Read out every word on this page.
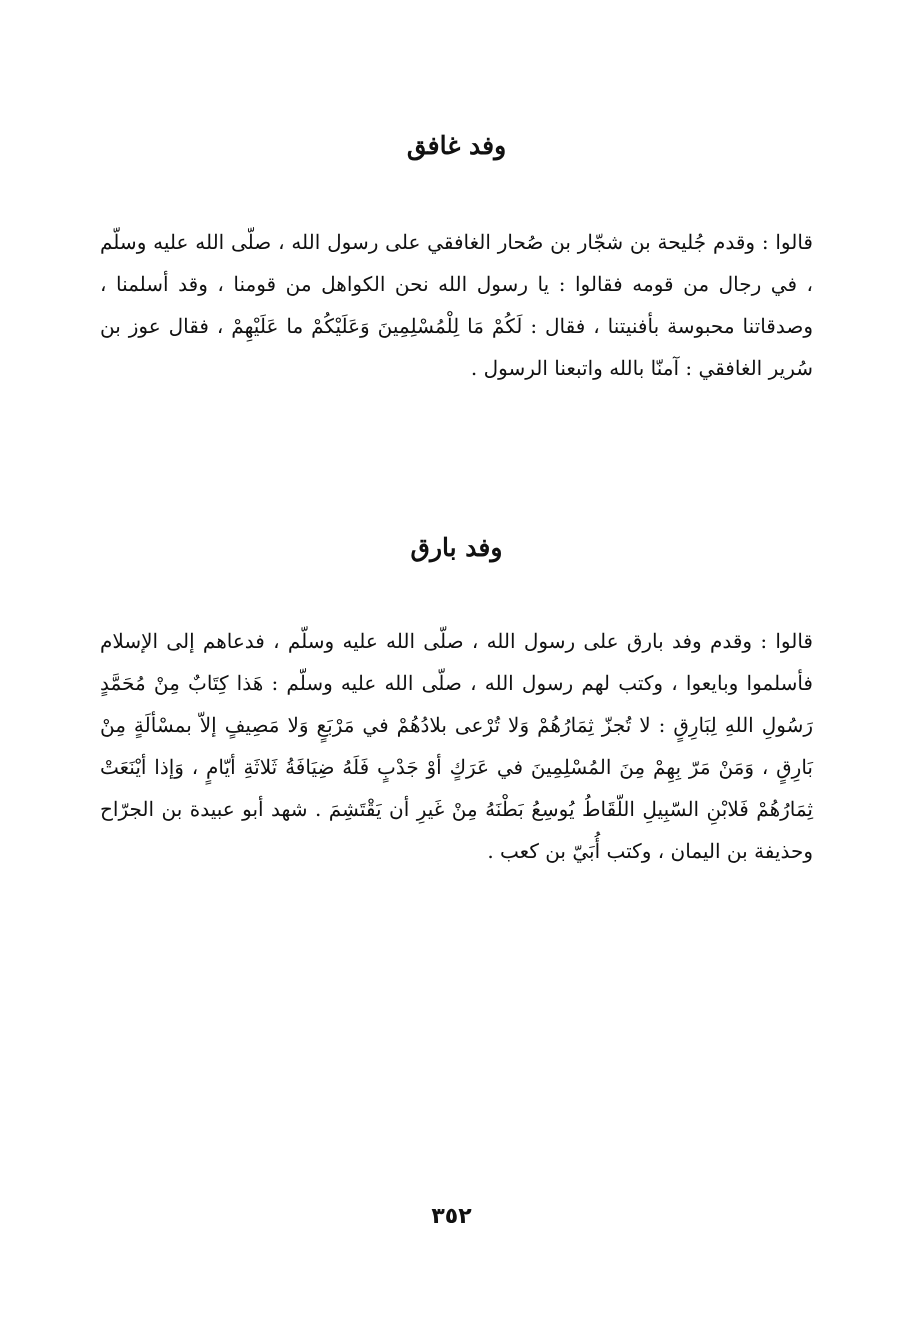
وفد غافق

قالوا : وقدم جُليحة بن شجّار بن صُحار الغافقي على رسول الله ، صلّى الله عليه وسلّم ، في رجال من قومه فقالوا : يا رسول الله نحن الكواهل من قومنا ، وقد أسلمنا ، وصدقاتنا محبوسة بأفنيتنا ، فقال : لَكُمْ مَا لِلْمُسْلِمِينَ وَعَلَيْكُمْ ما عَلَيْهِمْ ، فقال عوز بن سُرير الغافقي : آمنّا بالله واتبعنا الرسول .

وفد بارق

قالوا : وقدم وفد بارق على رسول الله ، صلّى الله عليه وسلّم ، فدعاهم إلى الإسلام فأسلموا وبايعوا ، وكتب لهم رسول الله ، صلّى الله عليه وسلّم : هَذا كِتَابٌ مِنْ مُحَمَّدٍ رَسُولِ اللهِ لِبَارِقٍ : لا تُجزّ ثِمَارُهُمْ وَلا تُرْعى بلادُهُمْ في مَرْبَعٍ وَلا مَصِيفٍ إلاّ بمسْألَةٍ مِنْ بَارِقٍ ، وَمَنْ مَرّ بِهِمْ مِنَ المُسْلِمِينَ في عَرَكٍ أوْ جَدْبٍ فَلَهُ ضِيَافَةُ ثَلاثَةِ أيّامٍ ، وَإذا أيْنَعَتْ ثِمَارُهُمْ فَلابْنِ السّبِيلِ اللّقَاطُ يُوسِعُ بَطْنَهُ مِنْ غَيرِ أن يَقْتَشِمَ . شهد أبو عبيدة بن الجرّاح وحذيفة بن اليمان ، وكتب أُبَيّ بن كعب .

٣٥٢
